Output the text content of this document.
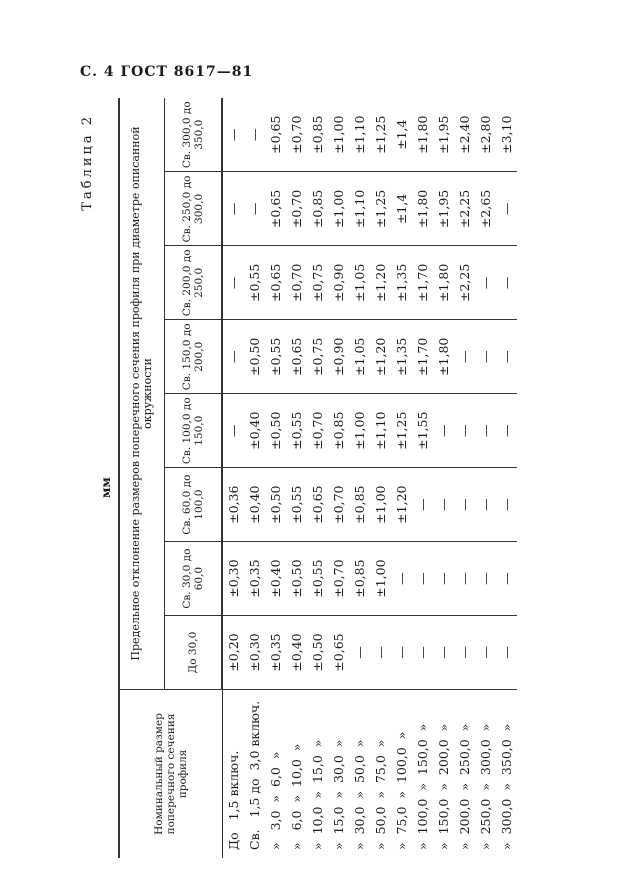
С. 4 ГОСТ 8617—81
Таблица 2
мм
Номинальный размер поперечного сечения профиля	Предельное отклонение размеров поперечного сечения профиля при диаметре описанной окружности							
	До 30,0	Св. 30,0 до 60,0	Св. 60,0 до 100,0	Св. 100,0 до 150,0	Св. 150,0 до 200,0	Св. 200,0 до 250,0	Св. 250,0 до 300,0	Св. 300,0 до 350,0
До   1,5 включ.	±0,20	±0,30	±0,36	—	—	—	—	—
Св.   1,5 до  3,0 включ.	±0,30	±0,35	±0,40	±0,40	±0,50	±0,55	—	—
»   3,0  »  6,0  »	±0,35	±0,40	±0,50	±0,50	±0,55	±0,65	±0,65	±0,65
»   6,0  »  10,0  »	±0,40	±0,50	±0,55	±0,55	±0,65	±0,70	±0,70	±0,70
»  10,0  »  15,0  »	±0,50	±0,55	±0,65	±0,70	±0,75	±0,75	±0,85	±0,85
»  15,0  »  30,0  »	±0,65	±0,70	±0,70	±0,85	±0,90	±0,90	±1,00	±1,00
»  30,0  »  50,0  »	—	±0,85	±0,85	±1,00	±1,05	±1,05	±1,10	±1,10
»  50,0  »  75,0  »	—	±1,00	±1,00	±1,10	±1,20	±1,20	±1,25	±1,25
»  75,0  »  100,0  »	—	—	±1,20	±1,25	±1,35	±1,35	±1,4	±1,4
»  100,0  »  150,0  »	—	—	—	±1,55	±1,70	±1,70	±1,80	±1,80
»  150,0  »  200,0  »	—	—	—	—	±1,80	±1,80	±1,95	±1,95
»  200,0  »  250,0  »	—	—	—	—	—	±2,25	±2,25	±2,40
»  250,0  »  300,0  »	—	—	—	—	—	—	±2,65	±2,80
»  300,0  »  350,0  »	—	—	—	—	—	—	—	±3,10
